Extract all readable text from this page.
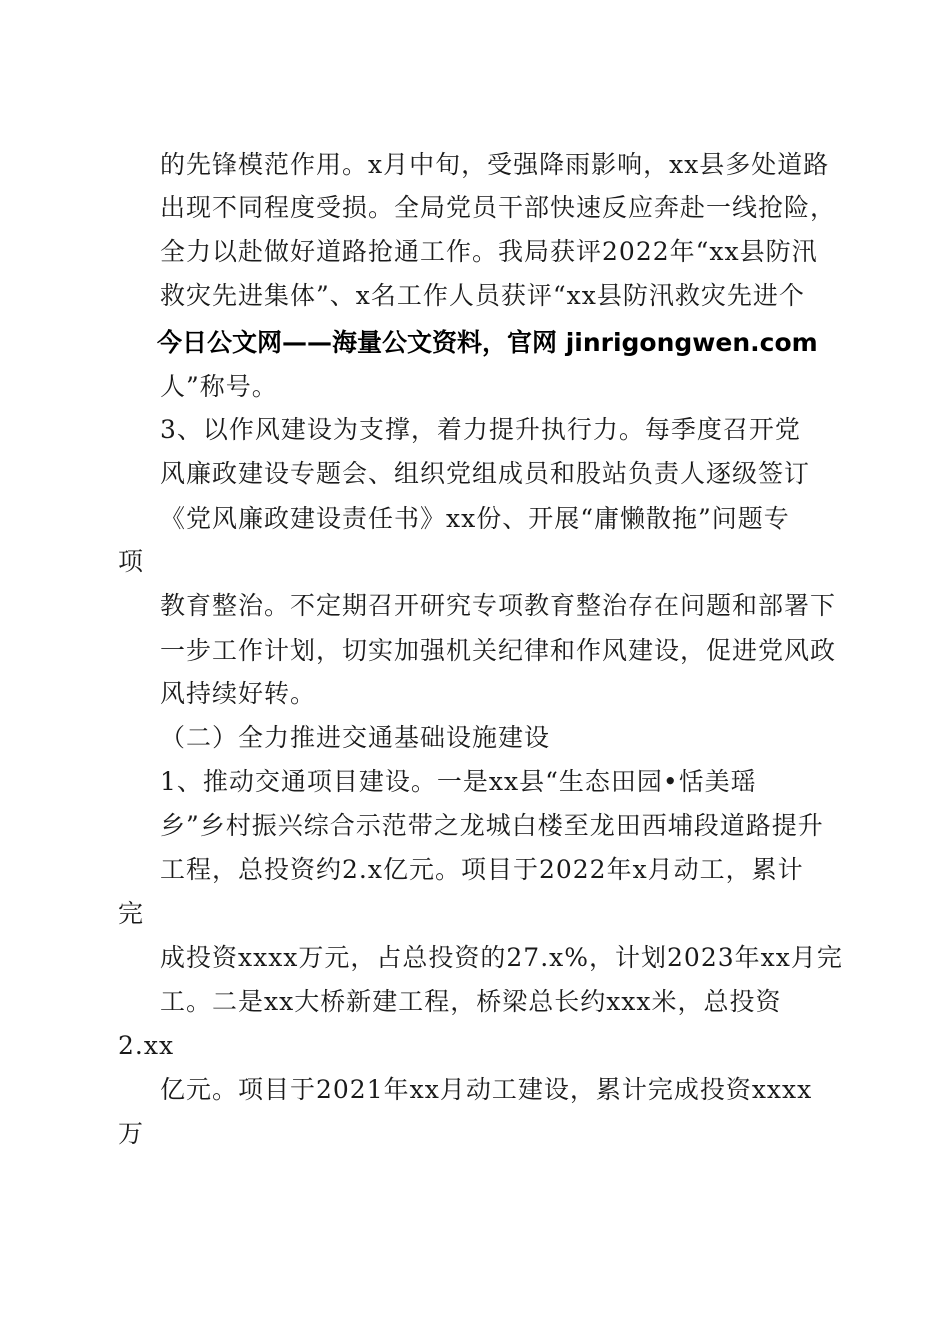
的先锋模范作用。x月中旬，受强降雨影响，xx县多处道路
出现不同程度受损。全局党员干部快速反应奔赴一线抢险，
全力以赴做好道路抢通工作。我局获评2022年“xx县防汛
救灾先进集体”、x名工作人员获评“xx县防汛救灾先进个
今日公文网——海量公文资料，官网 jinrigongwen.com
人”称号。
3、以作风建设为支撑，着力提升执行力。每季度召开党
风廉政建设专题会、组织党组成员和股站负责人逐级签订
《党风廉政建设责任书》xx份、开展“庸懒散拖”问题专
项
教育整治。不定期召开研究专项教育整治存在问题和部署下
一步工作计划，切实加强机关纪律和作风建设，促进党风政
风持续好转。
（二）全力推进交通基础设施建设
1、推动交通项目建设。一是xx县“生态田园•恬美瑶
乡”乡村振兴综合示范带之龙城白楼至龙田西埔段道路提升
工程，总投资约2.x亿元。项目于2022年x月动工，累计
完
成投资xxxx万元，占总投资的27.x%，计划2023年xx月完
工。二是xx大桥新建工程，桥梁总长约xxx米，总投资
2.xx
亿元。项目于2021年xx月动工建设，累计完成投资xxxx
万
